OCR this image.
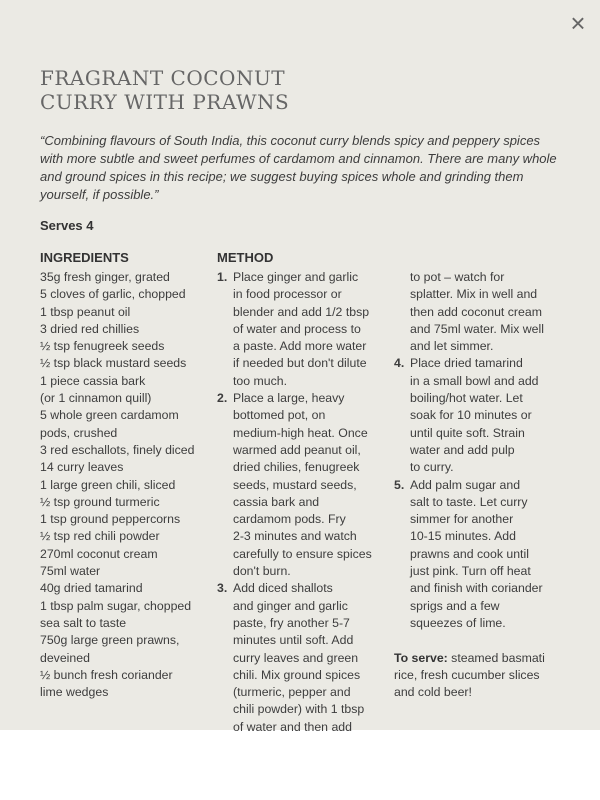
×
FRAGRANT COCONUT
CURRY WITH PRAWNS

“Combining flavours of South India, this coconut curry blends spicy and peppery spices with more subtle and sweet perfumes of cardamom and cinnamon. There are many whole and ground spices in this recipe; we suggest buying spices whole and grinding them yourself, if possible.”

Serves 4
INGREDIENTS	METHOD
35g fresh ginger, grated
5 cloves of garlic, chopped
1 tbsp peanut oil
3 dried red chillies
½ tsp fenugreek seeds
½ tsp black mustard seeds
1 piece cassia bark
(or 1 cinnamon quill)
5 whole green cardamom
pods, crushed
3 red eschallots, finely diced
14 curry leaves
1 large green chili, sliced
½ tsp ground turmeric
1 tsp ground peppercorns
½ tsp red chili powder
270ml coconut cream
75ml water
40g dried tamarind
1 tbsp palm sugar, chopped
sea salt to taste
750g large green prawns,
deveined
½ bunch fresh coriander
lime wedges
1. Place ginger and garlic
in food processor or
blender and add 1/2 tbsp
of water and process to
a paste. Add more water
if needed but don't dilute
too much.
2. Place a large, heavy
bottomed pot, on
medium-high heat. Once
warmed add peanut oil,
dried chilies, fenugreek
seeds, mustard seeds,
cassia bark and
cardamom pods. Fry
2-3 minutes and watch
carefully to ensure spices
don't burn.
3. Add diced shallots
and ginger and garlic
paste, fry another 5-7
minutes until soft. Add
curry leaves and green
chili. Mix ground spices
(turmeric, pepper and
chili powder) with 1 tbsp
of water and then add
to pot – watch for
splatter. Mix in well and
then add coconut cream
and 75ml water. Mix well
and let simmer.
4. Place dried tamarind
in a small bowl and add
boiling/hot water. Let
soak for 10 minutes or
until quite soft. Strain
water and add pulp
to curry.
5. Add palm sugar and
salt to taste. Let curry
simmer for another
10-15 minutes. Add
prawns and cook until
just pink. Turn off heat
and finish with coriander
sprigs and a few
squeezes of lime.
To serve: steamed basmati
rice, fresh cucumber slices
and cold beer!
